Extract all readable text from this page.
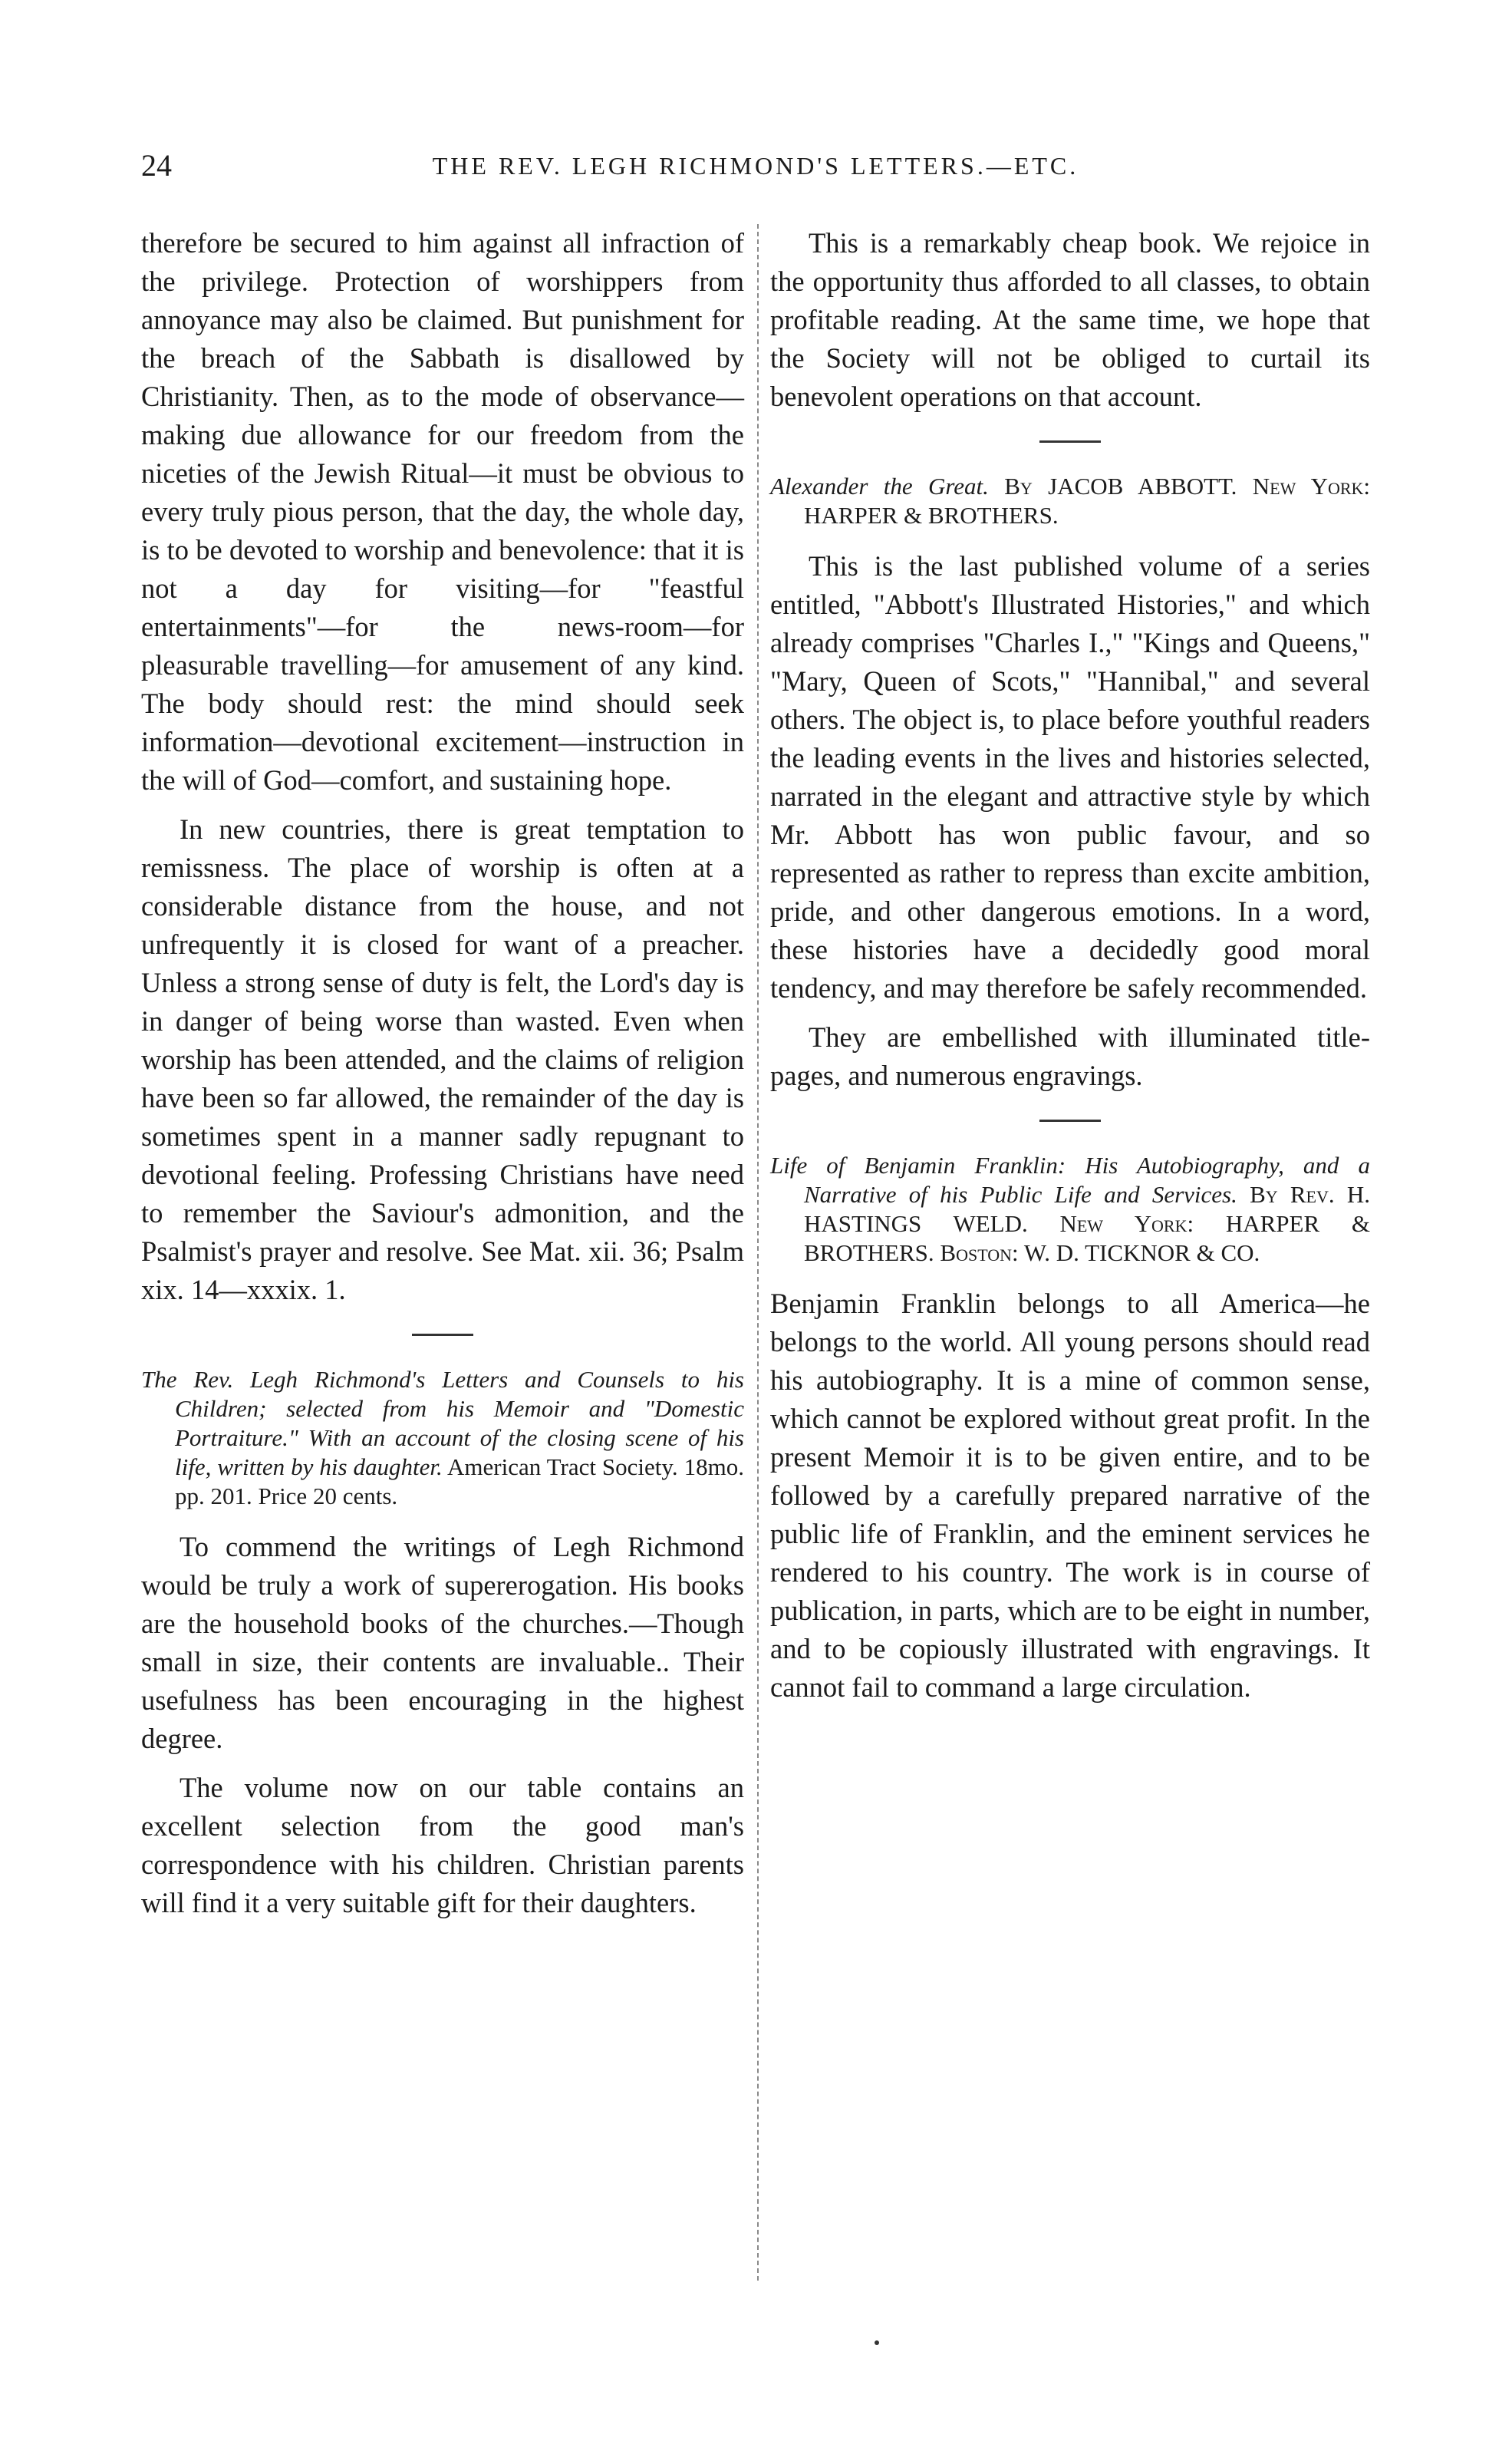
24	THE REV. LEGH RICHMOND'S LETTERS.—ETC.

therefore be secured to him against all infraction of the privilege. Protection of worshippers from annoyance may also be claimed. But punishment for the breach of the Sabbath is disallowed by Christianity. Then, as to the mode of observance—making due allowance for our freedom from the niceties of the Jewish Ritual—it must be obvious to every truly pious person, that the day, the whole day, is to be devoted to worship and benevolence: that it is not a day for visiting—for "feastful entertainments"—for the news-room—for pleasurable travelling—for amusement of any kind. The body should rest: the mind should seek information—devotional excitement—instruction in the will of God—comfort, and sustaining hope.

In new countries, there is great temptation to remissness. The place of worship is often at a considerable distance from the house, and not unfrequently it is closed for want of a preacher. Unless a strong sense of duty is felt, the Lord's day is in danger of being worse than wasted. Even when worship has been attended, and the claims of religion have been so far allowed, the remainder of the day is sometimes spent in a manner sadly repugnant to devotional feeling. Professing Christians have need to remember the Saviour's admonition, and the Psalmist's prayer and resolve. See Mat. xii. 36; Psalm xix. 14—xxxix. 1.

The Rev. Legh Richmond's Letters and Counsels to his Children; selected from his Memoir and "Domestic Portraiture." With an account of the closing scene of his life, written by his daughter. American Tract Society. 18mo. pp. 201. Price 20 cents.

To commend the writings of Legh Richmond would be truly a work of supererogation. His books are the household books of the churches.—Though small in size, their contents are invaluable.. Their usefulness has been encouraging in the highest degree.

The volume now on our table contains an excellent selection from the good man's correspondence with his children. Christian parents will find it a very suitable gift for their daughters.

This is a remarkably cheap book. We rejoice in the opportunity thus afforded to all classes, to obtain profitable reading. At the same time, we hope that the Society will not be obliged to curtail its benevolent operations on that account.

Alexander the Great. By JACOB ABBOTT. New York: HARPER & BROTHERS.

This is the last published volume of a series entitled, "Abbott's Illustrated Histories," and which already comprises "Charles I.," "Kings and Queens," "Mary, Queen of Scots," "Hannibal," and several others. The object is, to place before youthful readers the leading events in the lives and histories selected, narrated in the elegant and attractive style by which Mr. Abbott has won public favour, and so represented as rather to repress than excite ambition, pride, and other dangerous emotions. In a word, these histories have a decidedly good moral tendency, and may therefore be safely recommended.

They are embellished with illuminated title-pages, and numerous engravings.

Life of Benjamin Franklin: His Autobiography, and a Narrative of his Public Life and Services. By Rev. H. HASTINGS WELD. New York: HARPER & BROTHERS. Boston: W. D. TICKNOR & CO.

Benjamin Franklin belongs to all America—he belongs to the world. All young persons should read his autobiography. It is a mine of common sense, which cannot be explored without great profit. In the present Memoir it is to be given entire, and to be followed by a carefully prepared narrative of the public life of Franklin, and the eminent services he rendered to his country. The work is in course of publication, in parts, which are to be eight in number, and to be copiously illustrated with engravings. It cannot fail to command a large circulation.
